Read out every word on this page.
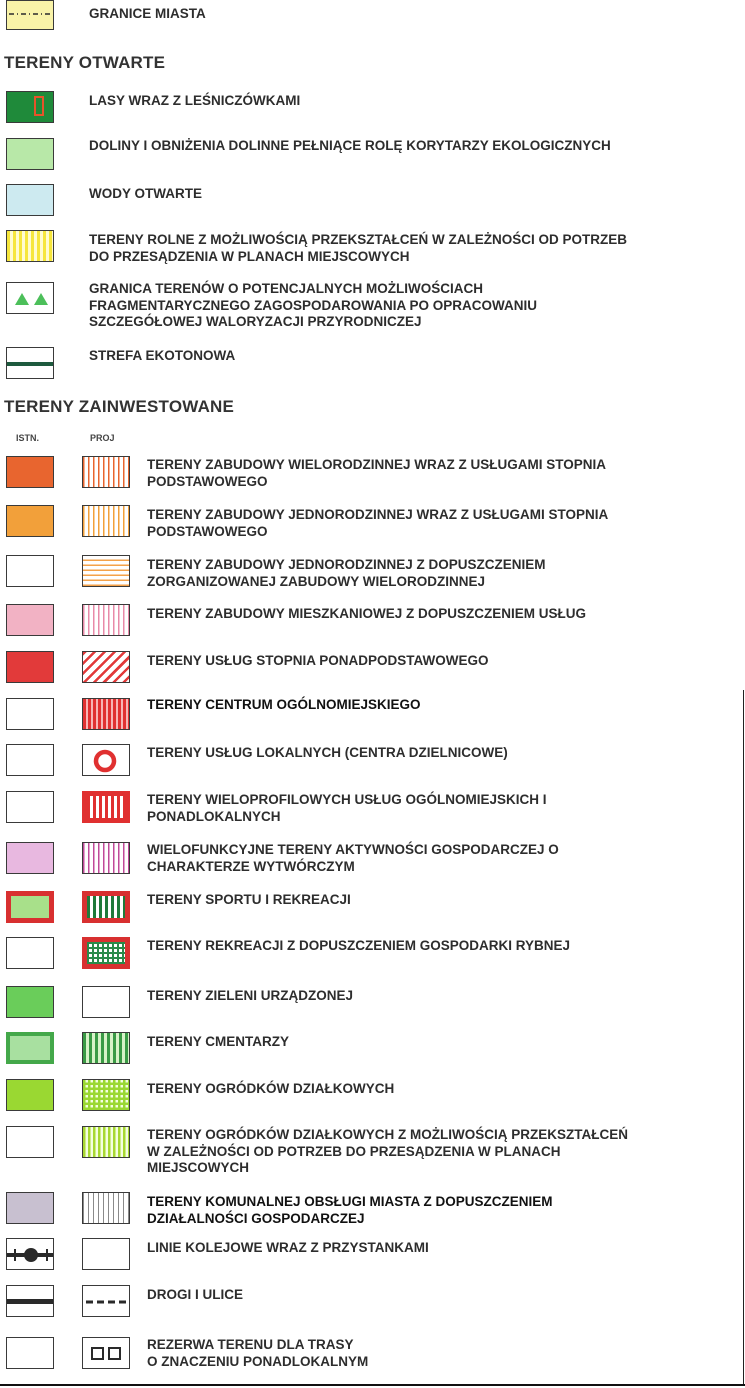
GRANICE MIASTA
TERENY OTWARTE
LASY WRAZ Z LEŚNICZÓWKAMI
DOLINY I OBNIŻENIA DOLINNE PEŁNIĄCE ROLĘ KORYTARZY EKOLOGICZNYCH
WODY OTWARTE
TERENY ROLNE Z MOŻLIWOŚCIĄ PRZEKSZTAŁCEŃ W ZALEŻNOŚCI OD POTRZEB
DO PRZESĄDZENIA W PLANACH MIEJSCOWYCH
GRANICA TERENÓW O POTENCJALNYCH MOŻLIWOŚCIACH
FRAGMENTARYCZNEGO ZAGOSPODAROWANIA PO OPRACOWANIU
SZCZEGÓŁOWEJ WALORYZACJI PRZYRODNICZEJ
STREFA EKOTONOWA
TERENY ZAINWESTOWANE
ISTN.	PROJ
TERENY ZABUDOWY WIELORODZINNEJ WRAZ Z USŁUGAMI STOPNIA
PODSTAWOWEGO
TERENY ZABUDOWY JEDNORODZINNEJ WRAZ Z USŁUGAMI STOPNIA
PODSTAWOWEGO
TERENY ZABUDOWY JEDNORODZINNEJ Z DOPUSZCZENIEM
ZORGANIZOWANEJ ZABUDOWY WIELORODZINNEJ
TERENY ZABUDOWY MIESZKANIOWEJ Z DOPUSZCZENIEM USŁUG
TERENY USŁUG STOPNIA PONADPODSTAWOWEGO
TERENY CENTRUM OGÓLNOMIEJSKIEGO
TERENY USŁUG LOKALNYCH (CENTRA DZIELNICOWE)
TERENY WIELOPROFILOWYCH USŁUG OGÓLNOMIEJSKICH I
PONADLOKALNYCH
WIELOFUNKCYJNE TERENY AKTYWNOŚCI GOSPODARCZEJ O
CHARAKTERZE WYTWÓRCZYM
TERENY SPORTU I REKREACJI
TERENY REKREACJI Z DOPUSZCZENIEM GOSPODARKI RYBNEJ
TERENY ZIELENI URZĄDZONEJ
TERENY CMENTARZY
TERENY OGRÓDKÓW DZIAŁKOWYCH
TERENY OGRÓDKÓW DZIAŁKOWYCH Z MOŻLIWOŚCIĄ PRZEKSZTAŁCEŃ
W ZALEŻNOŚCI OD POTRZEB DO PRZESĄDZENIA W PLANACH
MIEJSCOWYCH
TERENY KOMUNALNEJ OBSŁUGI MIASTA Z DOPUSZCZENIEM
DZIAŁALNOŚCI GOSPODARCZEJ
LINIE KOLEJOWE WRAZ Z PRZYSTANKAMI
DROGI I ULICE
REZERWA TERENU DLA TRASY
O ZNACZENIU PONADLOKALNYM
